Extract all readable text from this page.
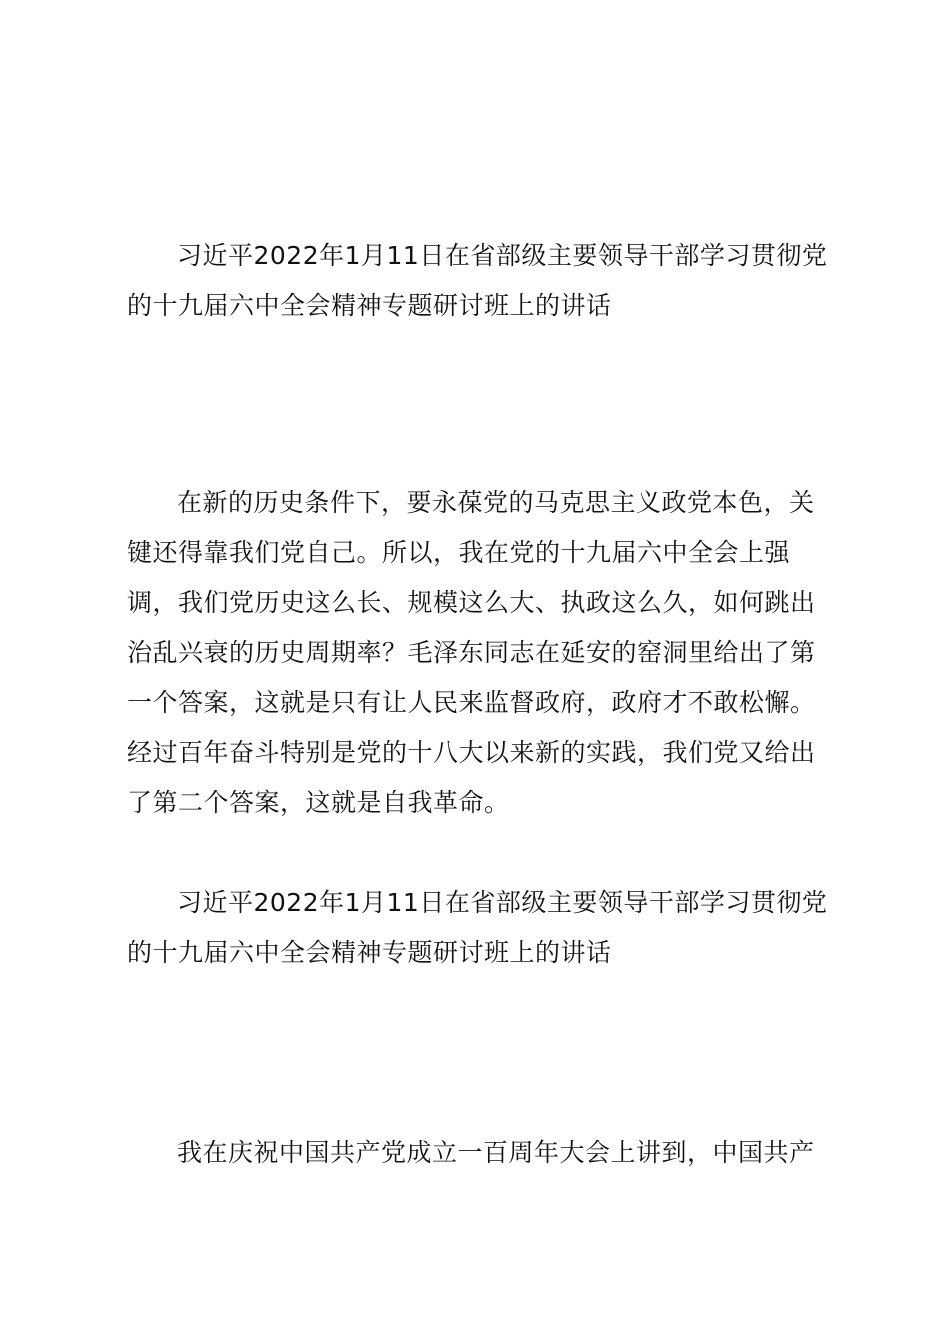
习近平2022年1月11日在省部级主要领导干部学习贯彻党的十九届六中全会精神专题研讨班上的讲话

在新的历史条件下，要永葆党的马克思主义政党本色，关键还得靠我们党自己。所以，我在党的十九届六中全会上强调，我们党历史这么长、规模这么大、执政这么久，如何跳出治乱兴衰的历史周期率？毛泽东同志在延安的窑洞里给出了第一个答案，这就是只有让人民来监督政府，政府才不敢松懈。经过百年奋斗特别是党的十八大以来新的实践，我们党又给出了第二个答案，这就是自我革命。

习近平2022年1月11日在省部级主要领导干部学习贯彻党的十九届六中全会精神专题研讨班上的讲话

我在庆祝中国共产党成立一百周年大会上讲到，中国共产
